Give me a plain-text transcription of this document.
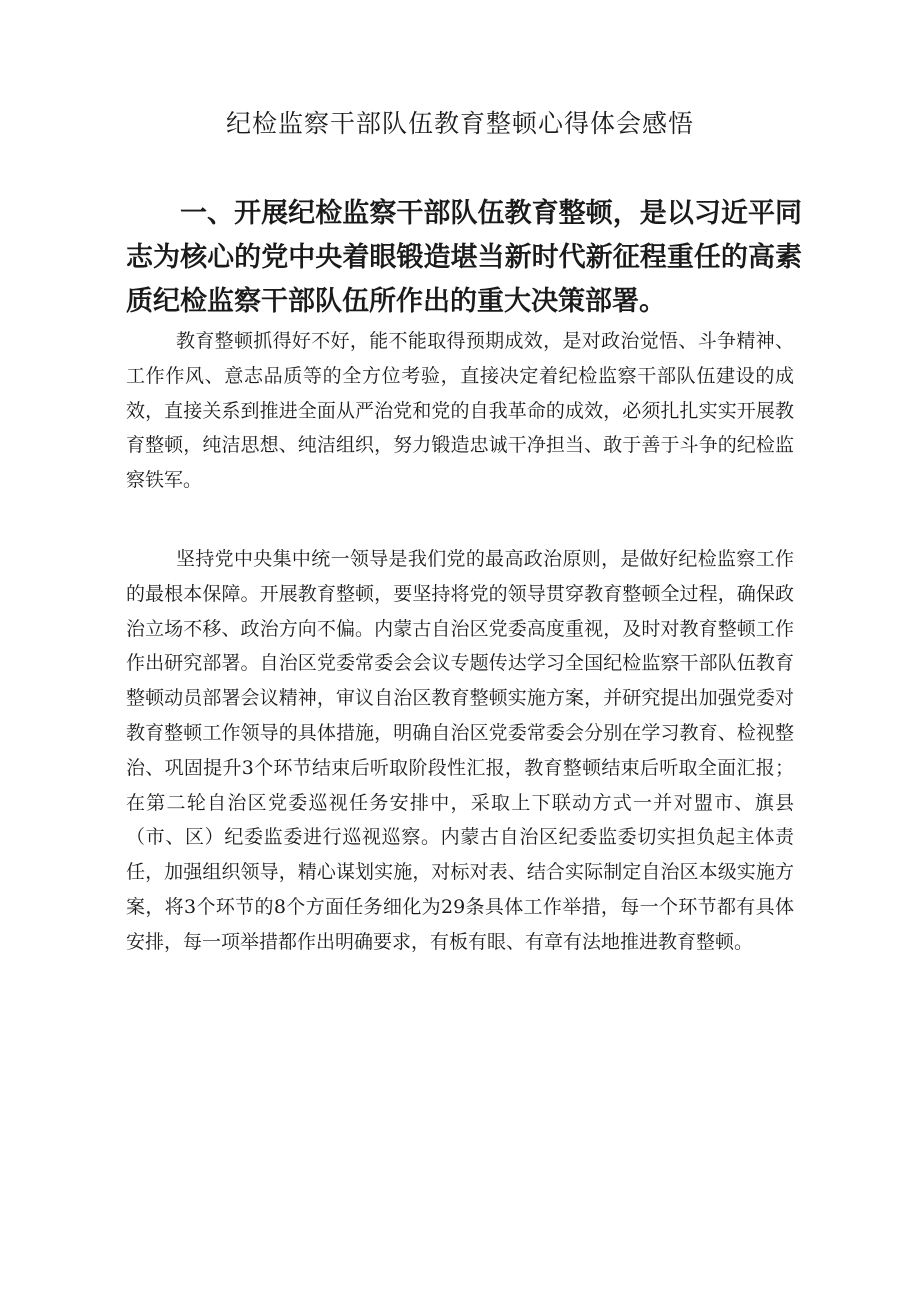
纪检监察干部队伍教育整顿心得体会感悟
一、开展纪检监察干部队伍教育整顿，是以习近平同志为核心的党中央着眼锻造堪当新时代新征程重任的高素质纪检监察干部队伍所作出的重大决策部署。

教育整顿抓得好不好，能不能取得预期成效，是对政治觉悟、斗争精神、工作作风、意志品质等的全方位考验，直接决定着纪检监察干部队伍建设的成效，直接关系到推进全面从严治党和党的自我革命的成效，必须扎扎实实开展教育整顿，纯洁思想、纯洁组织，努力锻造忠诚干净担当、敢于善于斗争的纪检监察铁军。

坚持党中央集中统一领导是我们党的最高政治原则，是做好纪检监察工作的最根本保障。开展教育整顿，要坚持将党的领导贯穿教育整顿全过程，确保政治立场不移、政治方向不偏。内蒙古自治区党委高度重视，及时对教育整顿工作作出研究部署。自治区党委常委会会议专题传达学习全国纪检监察干部队伍教育整顿动员部署会议精神，审议自治区教育整顿实施方案，并研究提出加强党委对教育整顿工作领导的具体措施，明确自治区党委常委会分别在学习教育、检视整治、巩固提升3个环节结束后听取阶段性汇报，教育整顿结束后听取全面汇报；在第二轮自治区党委巡视任务安排中，采取上下联动方式一并对盟市、旗县（市、区）纪委监委进行巡视巡察。内蒙古自治区纪委监委切实担负起主体责任，加强组织领导，精心谋划实施，对标对表、结合实际制定自治区本级实施方案，将3个环节的8个方面任务细化为29条具体工作举措，每一个环节都有具体安排，每一项举措都作出明确要求，有板有眼、有章有法地推进教育整顿。
